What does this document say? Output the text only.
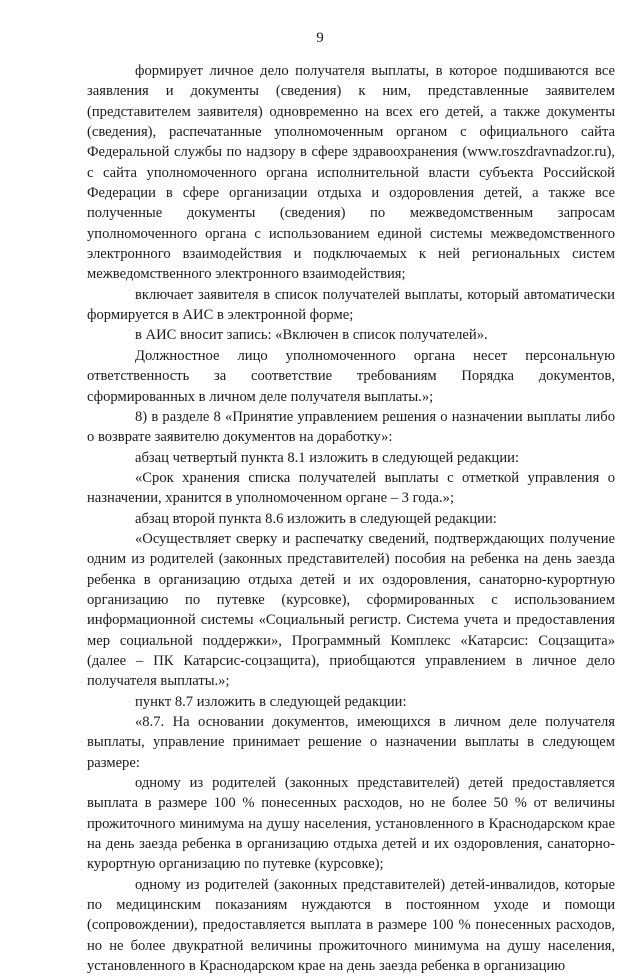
9

формирует личное дело получателя выплаты, в которое подшиваются все заявления и документы (сведения) к ним, представленные заявителем (представителем заявителя) одновременно на всех его детей, а также документы (сведения), распечатанные уполномоченным органом с официального сайта Федеральной службы по надзору в сфере здравоохранения (www.roszdravnadzor.ru), с сайта уполномоченного органа исполнительной власти субъекта Российской Федерации в сфере организации отдыха и оздоровления детей, а также все полученные документы (сведения) по межведомственным запросам уполномоченного органа с использованием единой системы межведомственного электронного взаимодействия и подключаемых к ней региональных систем межведомственного электронного взаимодействия;

включает заявителя в список получателей выплаты, который автоматически формируется в АИС в электронной форме;

в АИС вносит запись: «Включен в список получателей».

Должностное лицо уполномоченного органа несет персональную ответственность за соответствие требованиям Порядка документов, сформированных в личном деле получателя выплаты.»;

8) в разделе 8 «Принятие управлением решения о назначении выплаты либо о возврате заявителю документов на доработку»:

абзац четвертый пункта 8.1 изложить в следующей редакции:

«Срок хранения списка получателей выплаты с отметкой управления о назначении, хранится в уполномоченном органе – 3 года.»;

абзац второй пункта 8.6 изложить в следующей редакции:

«Осуществляет сверку и распечатку сведений, подтверждающих получение одним из родителей (законных представителей) пособия на ребенка на день заезда ребенка в организацию отдыха детей и их оздоровления, санаторно-курортную организацию по путевке (курсовке), сформированных с использованием информационной системы «Социальный регистр. Система учета и предоставления мер социальной поддержки», Программный Комплекс «Катарсис: Соцзащита» (далее – ПК Катарсис-соцзащита), приобщаются управлением в личное дело получателя выплаты.»;

пункт 8.7 изложить в следующей редакции:

«8.7. На основании документов, имеющихся в личном деле получателя выплаты, управление принимает решение о назначении выплаты в следующем размере:

одному из родителей (законных представителей) детей предоставляется выплата в размере 100 % понесенных расходов, но не более 50 % от величины прожиточного минимума на душу населения, установленного в Краснодарском крае на день заезда ребенка в организацию отдыха детей и их оздоровления, санаторно-курортную организацию по путевке (курсовке);

одному из родителей (законных представителей) детей-инвалидов, которые по медицинским показаниям нуждаются в постоянном уходе и помощи (сопровождении), предоставляется выплата в размере 100 % понесенных расходов, но не более двукратной величины прожиточного минимума на душу населения, установленного в Краснодарском крае на день заезда ребенка в организацию
